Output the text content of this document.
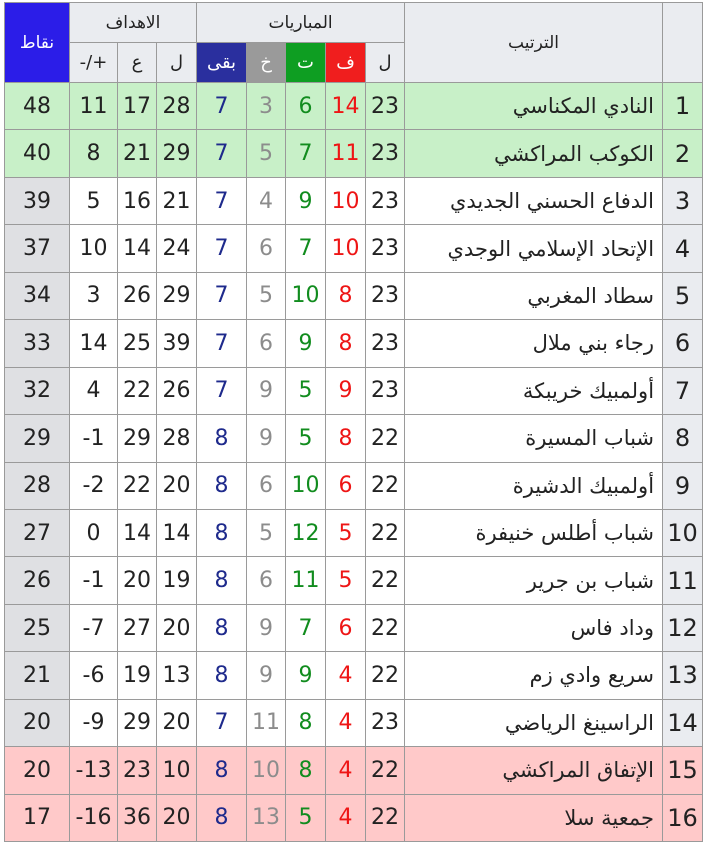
	الترتيب	المباريات					الاهداف			نقاط
		ل	ف	ت	خ	بقى	ل	ع	+/-	
1	النادي المكناسي	23	14	6	3	7	28	17	11	48
2	الكوكب المراكشي	23	11	7	5	7	29	21	8	40
3	الدفاع الحسني الجديدي	23	10	9	4	7	21	16	5	39
4	الإتحاد الإسلامي الوجدي	23	10	7	6	7	24	14	10	37
5	سطاد المغربي	23	8	10	5	7	29	26	3	34
6	رجاء بني ملال	23	8	9	6	7	39	25	14	33
7	أولمبيك خريبكة	23	9	5	9	7	26	22	4	32
8	شباب المسيرة	22	8	5	9	8	28	29	1-	29
9	أولمبيك الدشيرة	22	6	10	6	8	20	22	2-	28
10	شباب أطلس خنيفرة	22	5	12	5	8	14	14	0	27
11	شباب بن جرير	22	5	11	6	8	19	20	1-	26
12	وداد فاس	22	6	7	9	8	20	27	7-	25
13	سريع وادي زم	22	4	9	9	8	13	19	6-	21
14	الراسينغ الرياضي	23	4	8	11	7	20	29	9-	20
15	الإتفاق المراكشي	22	4	8	10	8	10	23	13-	20
16	جمعية سلا	22	4	5	13	8	20	36	16-	17
